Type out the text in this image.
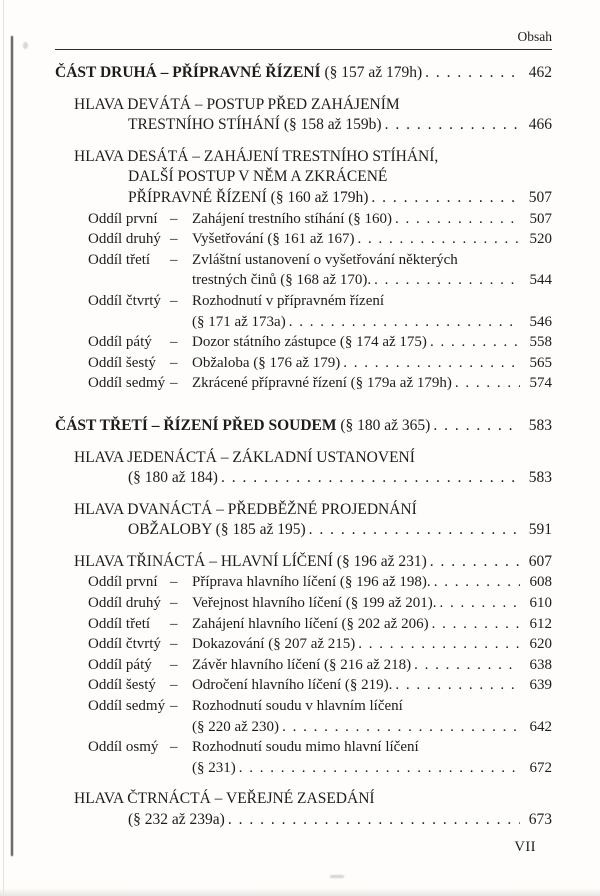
Obsah
ČÁST DRUHÁ – PŘÍPRAVNÉ ŘÍZENÍ (§ 157 až 179h) . . .	462
HLAVA DEVÁTÁ – POSTUP PŘED ZAHÁJENÍM
TRESTNÍHO STÍHÁNÍ (§ 158 až 159b) . . .	466
HLAVA DESÁTÁ – ZAHÁJENÍ TRESTNÍHO STÍHÁNÍ,
DALŠÍ POSTUP V NĚM A ZKRÁCENÉ
PŘÍPRAVNÉ ŘÍZENÍ (§ 160 až 179h) . . .	507
Oddíl první – Zahájení trestního stíhání (§ 160) . . .	507
Oddíl druhý – Vyšetřování (§ 161 až 167) . . .	520
Oddíl třetí	– Zvláštní ustanovení o vyšetřování některých
trestných činů (§ 168 až 170). . . .	544
Oddíl čtvrtý – Rozhodnutí v přípravném řízení
(§ 171 až 173a) . . .	546
Oddíl pátý	– Dozor státního zástupce (§ 174 až 175) . . .	558
Oddíl šestý – Obžaloba (§ 176 až 179) . . .	565
Oddíl sedmý – Zkrácené přípravné řízení (§ 179a až 179h) . . .	574
ČÁST TŘETÍ – ŘÍZENÍ PŘED SOUDEM (§ 180 až 365) . . .	583
HLAVA JEDENÁCTÁ – ZÁKLADNÍ USTANOVENÍ
(§ 180 až 184) . . .	583
HLAVA DVANÁCTÁ – PŘEDBĚŽNÉ PROJEDNÁNÍ
OBŽALOBY (§ 185 až 195) . . .	591
HLAVA TŘINÁCTÁ – HLAVNÍ LÍČENÍ (§ 196 až 231) . . .	607
Oddíl první – Příprava hlavního líčení (§ 196 až 198). . . .	608
Oddíl druhý – Veřejnost hlavního líčení (§ 199 až 201). . . .	610
Oddíl třetí	– Zahájení hlavního líčení (§ 202 až 206) . . .	612
Oddíl čtvrtý – Dokazování (§ 207 až 215) . . .	620
Oddíl pátý	– Závěr hlavního líčení (§ 216 až 218) . . .	638
Oddíl šestý – Odročení hlavního líčení (§ 219). . . .	639
Oddíl sedmý – Rozhodnutí soudu v hlavním líčení
(§ 220 až 230) . . .	642
Oddíl osmý – Rozhodnutí soudu mimo hlavní líčení
(§ 231) . . .	672
HLAVA ČTRNÁCTÁ – VEŘEJNÉ ZASEDÁNÍ
(§ 232 až 239a) . . .	673
VII
